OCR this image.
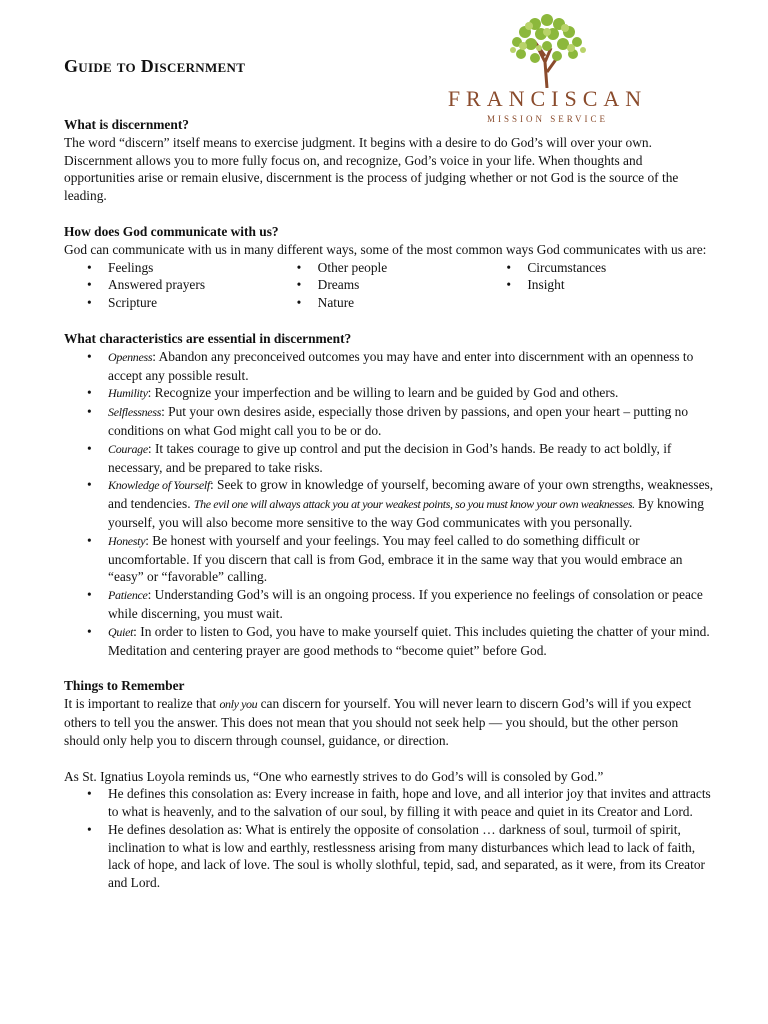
Guide to Discernment
FRANCISCAN
MISSION SERVICE

What is discernment?

The word “discern” itself means to exercise judgment. It begins with a desire to do God’s will over your own. Discernment allows you to more fully focus on, and recognize, God’s voice in your life. When thoughts and opportunities arise or remain elusive, discernment is the process of judging whether or not God is the source of the leading.

How does God communicate with us?

God can communicate with us in many different ways, some of the most common ways God communicates with us are:

• Feelings
• Answered prayers
• Scripture
• Other people
• Dreams
• Nature
• Circumstances
• Insight

What characteristics are essential in discernment?

• Openness: Abandon any preconceived outcomes you may have and enter into discernment with an openness to accept any possible result.
• Humility: Recognize your imperfection and be willing to learn and be guided by God and others.
• Selflessness: Put your own desires aside, especially those driven by passions, and open your heart – putting no conditions on what God might call you to be or do.
• Courage: It takes courage to give up control and put the decision in God’s hands. Be ready to act boldly, if necessary, and be prepared to take risks.
• Knowledge of Yourself: Seek to grow in knowledge of yourself, becoming aware of your own strengths, weaknesses, and tendencies. The evil one will always attack you at your weakest points, so you must know your own weaknesses. By knowing yourself, you will also become more sensitive to the way God communicates with you personally.
• Honesty: Be honest with yourself and your feelings. You may feel called to do something difficult or uncomfortable. If you discern that call is from God, embrace it in the same way that you would embrace an “easy” or “favorable” calling.
• Patience: Understanding God’s will is an ongoing process. If you experience no feelings of consolation or peace while discerning, you must wait.
• Quiet: In order to listen to God, you have to make yourself quiet. This includes quieting the chatter of your mind. Meditation and centering prayer are good methods to “become quiet” before God.

Things to Remember

It is important to realize that only you can discern for yourself. You will never learn to discern God’s will if you expect others to tell you the answer. This does not mean that you should not seek help — you should, but the other person should only help you to discern through counsel, guidance, or direction.

As St. Ignatius Loyola reminds us, “One who earnestly strives to do God’s will is consoled by God.”

• He defines this consolation as: Every increase in faith, hope and love, and all interior joy that invites and attracts to what is heavenly, and to the salvation of our soul, by filling it with peace and quiet in its Creator and Lord.
• He defines desolation as: What is entirely the opposite of consolation … darkness of soul, turmoil of spirit, inclination to what is low and earthly, restlessness arising from many disturbances which lead to lack of faith, lack of hope, and lack of love. The soul is wholly slothful, tepid, sad, and separated, as it were, from its Creator and Lord.
